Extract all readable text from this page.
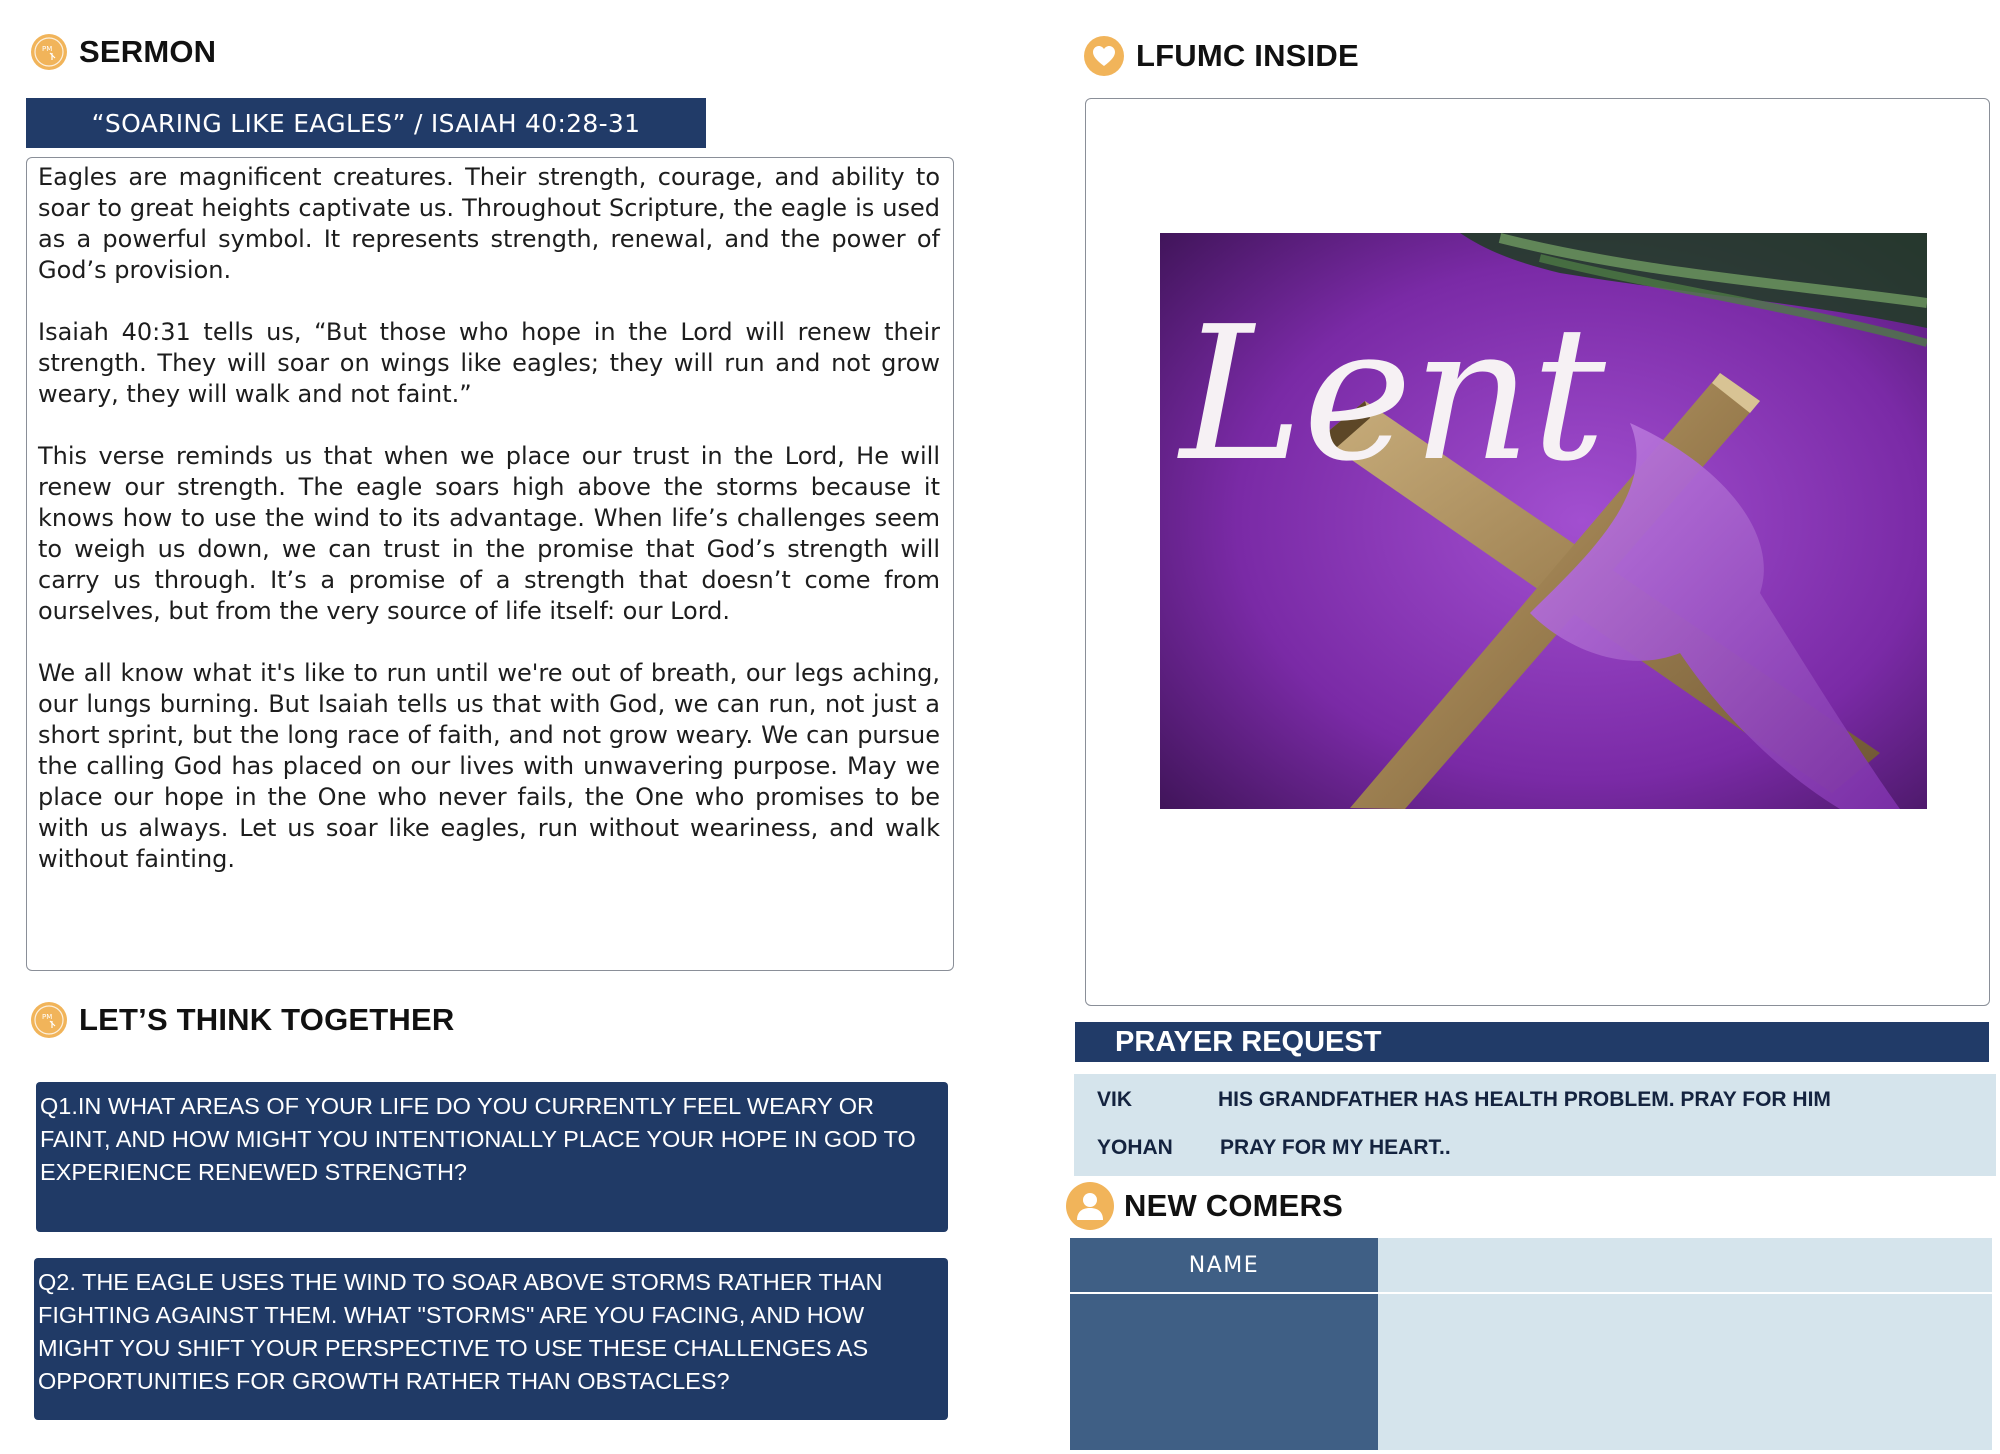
PM SERMON
“SOARING LIKE EAGLES” / ISAIAH 40:28-31

Eagles are magnificent creatures. Their strength, courage, and ability to soar to great heights captivate us. Throughout Scripture, the eagle is used as a powerful symbol. It represents strength, renewal, and the power of God’s provision.

Isaiah 40:31 tells us, “But those who hope in the Lord will renew their strength. They will soar on wings like eagles; they will run and not grow weary, they will walk and not faint.”

This verse reminds us that when we place our trust in the Lord, He will renew our strength. The eagle soars high above the storms because it knows how to use the wind to its advantage. When life’s challenges seem to weigh us down, we can trust in the promise that God’s strength will carry us through. It’s a promise of a strength that doesn’t come from ourselves, but from the very source of life itself: our Lord.

We all know what it's like to run until we're out of breath, our legs aching, our lungs burning. But Isaiah tells us that with God, we can run, not just a short sprint, but the long race of faith, and not grow weary. We can pursue the calling God has placed on our lives with unwavering purpose. May we place our hope in the One who never fails, the One who promises to be with us always. Let us soar like eagles, run without weariness, and walk without fainting.

PM LET’S THINK TOGETHER
Q1.IN WHAT AREAS OF YOUR LIFE DO YOU CURRENTLY FEEL WEARY OR FAINT, AND HOW MIGHT YOU INTENTIONALLY PLACE YOUR HOPE IN GOD TO EXPERIENCE RENEWED STRENGTH?
Q2. THE EAGLE USES THE WIND TO SOAR ABOVE STORMS RATHER THAN FIGHTING AGAINST THEM. WHAT "STORMS" ARE YOU FACING, AND HOW MIGHT YOU SHIFT YOUR PERSPECTIVE TO USE THESE CHALLENGES AS OPPORTUNITIES FOR GROWTH RATHER THAN OBSTACLES?
LFUMC INSIDE
Lent
PRAYER REQUEST
VIK	HIS GRANDFATHER HAS HEALTH PROBLEM. PRAY FOR HIM
YOHAN PRAY FOR MY HEART..
NEW COMERS
NAME
